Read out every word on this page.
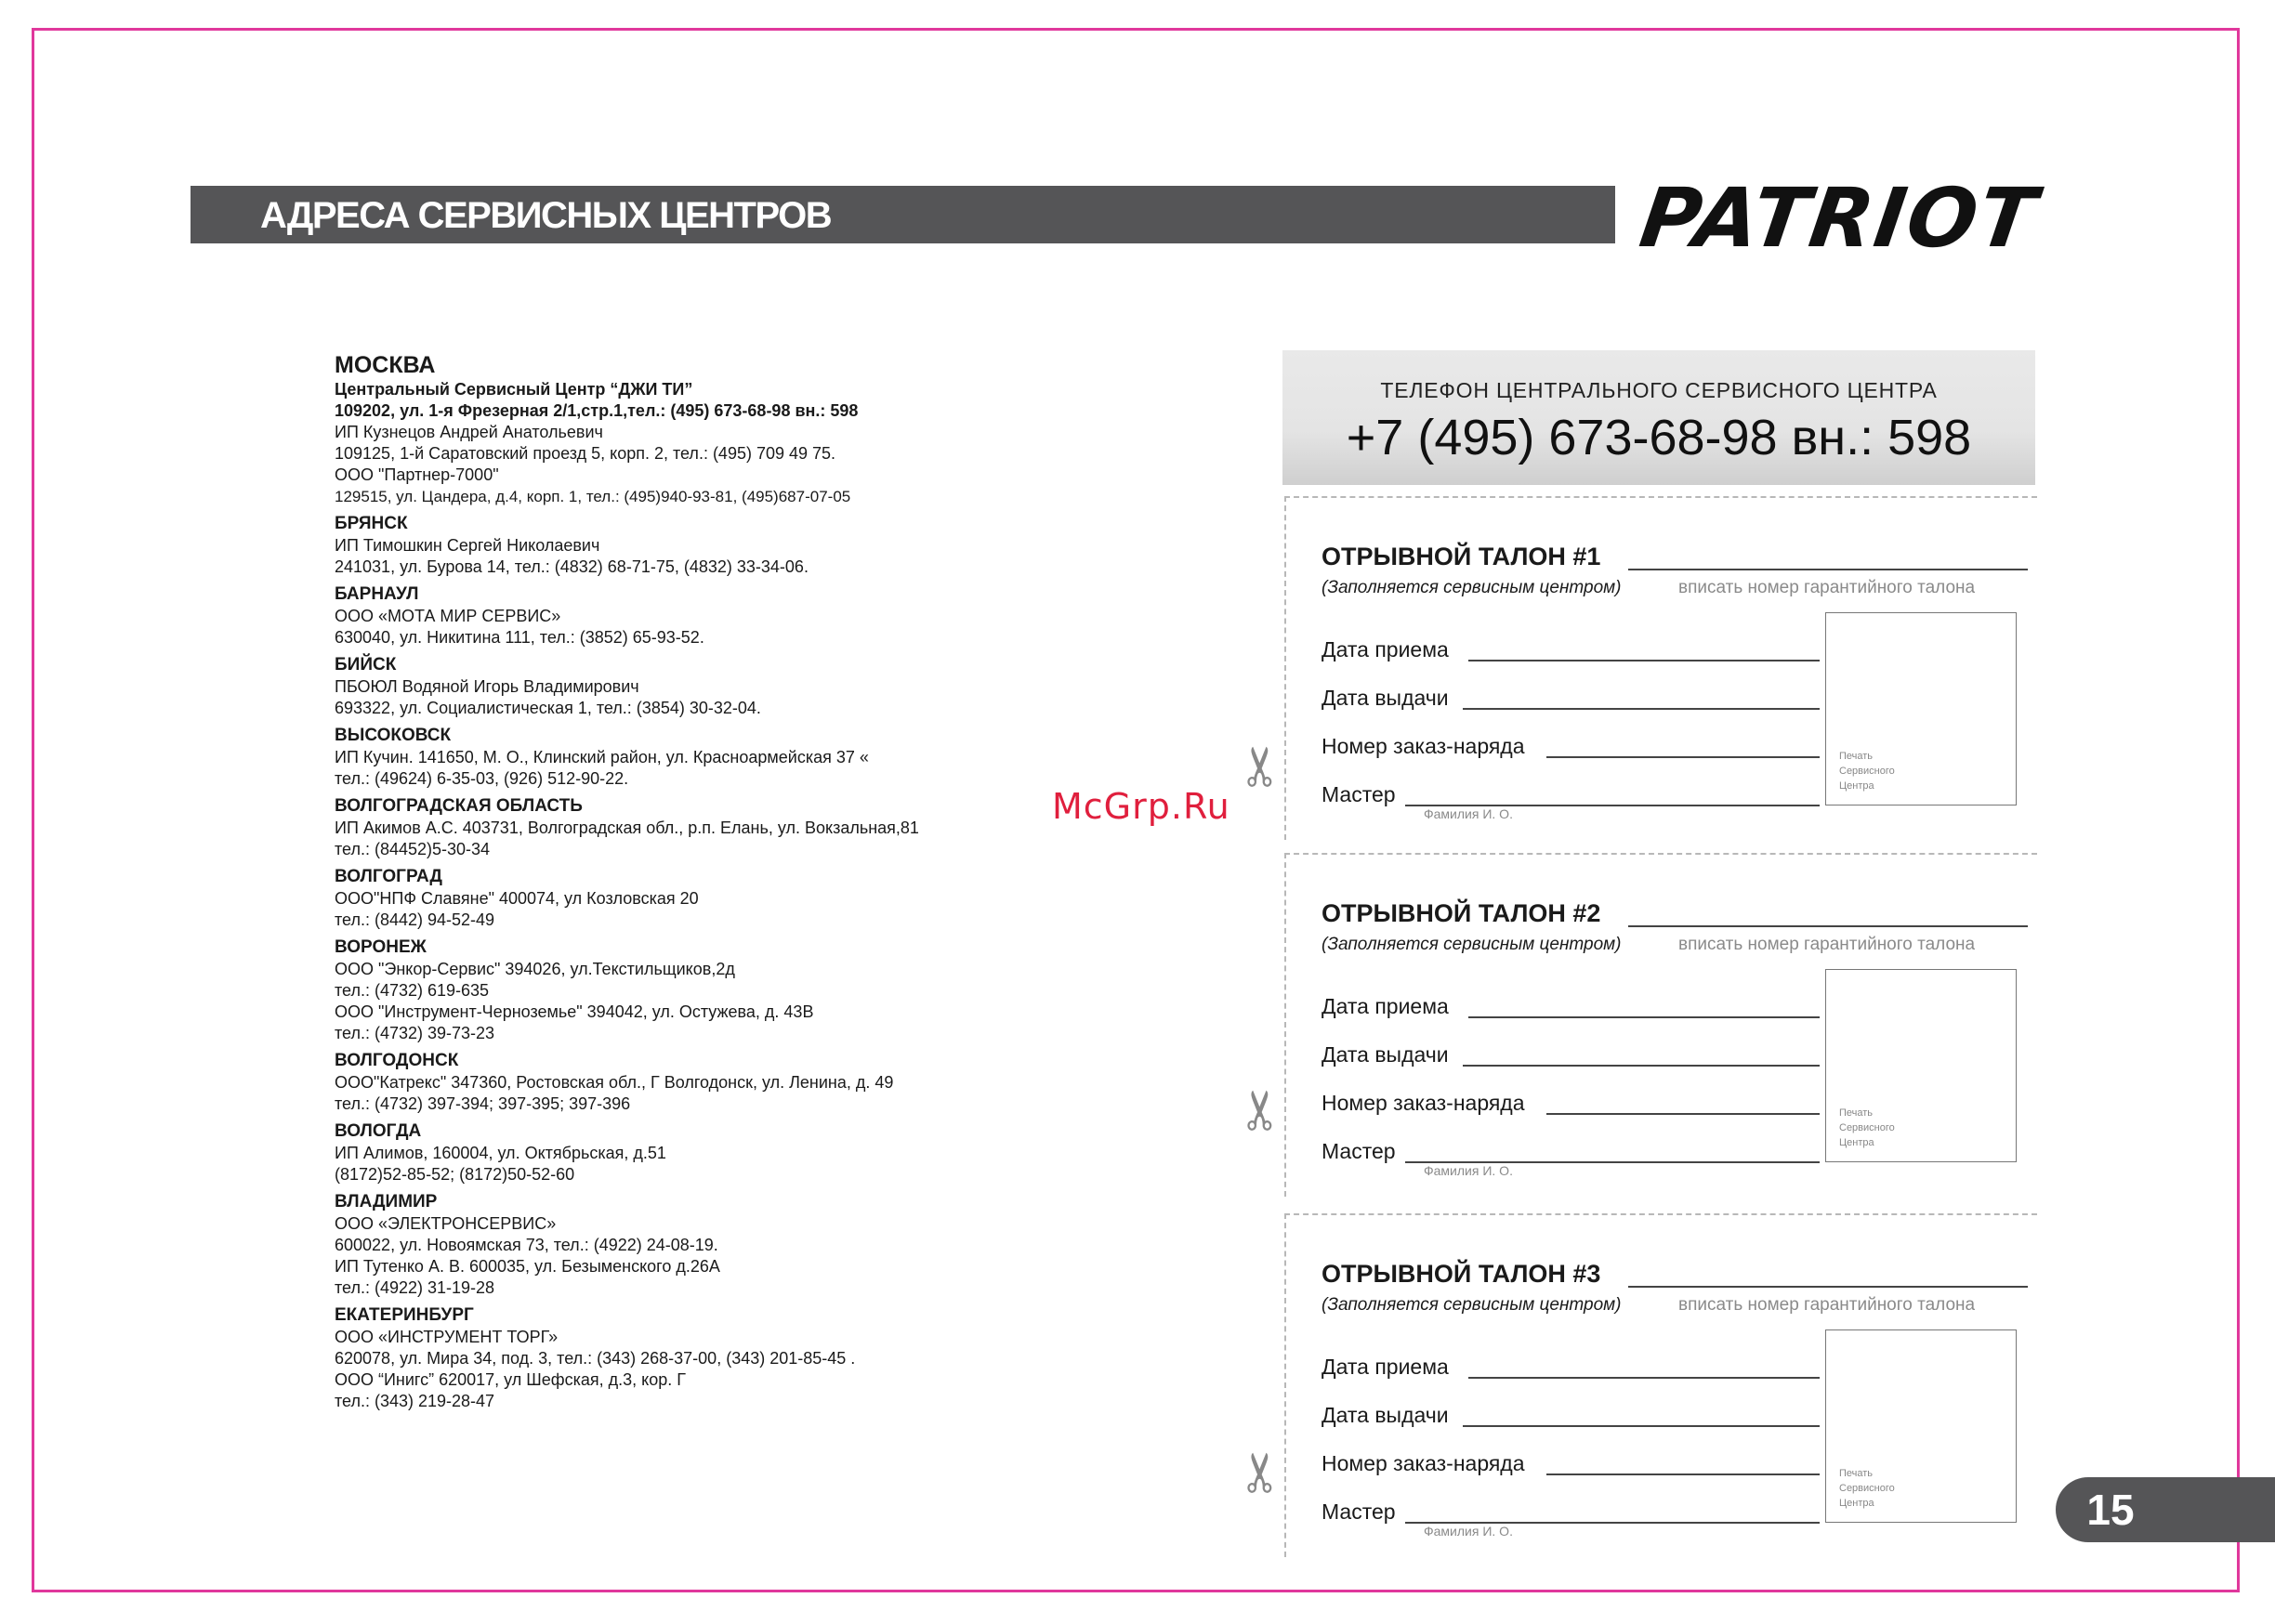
АДРЕСА СЕРВИСНЫХ ЦЕНТРОВ	PATRIOT
МОСКВА
Центральный Сервисный Центр “ДЖИ ТИ”
109202, ул. 1-я Фрезерная 2/1,стр.1,тел.: (495) 673-68-98 вн.: 598
ИП Кузнецов Андрей Анатольевич
109125, 1-й Саратовский проезд 5, корп. 2, тел.: (495) 709 49 75.
ООО "Партнер-7000"
129515, ул. Цандера, д.4, корп. 1, тел.: (495)940-93-81, (495)687-07-05
БРЯНСК
ИП Тимошкин Сергей Николаевич
241031, ул. Бурова 14, тел.: (4832) 68-71-75, (4832) 33-34-06.
БАРНАУЛ
ООО «МОТА МИР СЕРВИС»
630040, ул. Никитина 111, тел.: (3852) 65-93-52.
БИЙСК
ПБОЮЛ Водяной Игорь Владимирович
693322, ул. Социалистическая 1, тел.: (3854) 30-32-04.
ВЫСОКОВСК
ИП Кучин. 141650, М. О., Клинский район, ул. Красноармейская 37 «
тел.: (49624) 6-35-03, (926) 512-90-22.
ВОЛГОГРАДСКАЯ ОБЛАСТЬ
ИП Акимов А.С. 403731, Волгоградская обл., р.п. Елань, ул. Вокзальная,81
тел.: (84452)5-30-34
ВОЛГОГРАД
ООО"НПФ Славяне" 400074, ул Козловская 20
тел.: (8442) 94-52-49
ВОРОНЕЖ
ООО "Энкор-Сервис" 394026, ул.Текстильщиков,2д
тел.: (4732) 619-635
ООО "Инструмент-Черноземье" 394042, ул. Остужева, д. 43В
тел.: (4732) 39-73-23
ВОЛГОДОНСК
ООО"Катрекс" 347360, Ростовская обл., Г Волгодонск, ул. Ленина, д. 49
тел.: (4732) 397-394; 397-395; 397-396
ВОЛОГДА
ИП Алимов, 160004, ул. Октябрьская, д.51
(8172)52-85-52; (8172)50-52-60
ВЛАДИМИР
ООО «ЭЛЕКТРОНСЕРВИС»
600022, ул. Новоямская 73, тел.: (4922) 24-08-19.
ИП Тутенко А. В. 600035, ул. Безыменского д.26А
тел.: (4922) 31-19-28
ЕКАТЕРИНБУРГ
ООО «ИНСТРУМЕНТ ТОРГ»
620078, ул. Мира 34, под. 3, тел.: (343) 268-37-00, (343) 201-85-45 .
ООО “Инигс” 620017, ул Шефская, д.3, кор. Г
тел.: (343) 219-28-47
ТЕЛЕФОН ЦЕНТРАЛЬНОГО СЕРВИСНОГО ЦЕНТРА
+7 (495) 673-68-98 вн.: 598
ОТРЫВНОЙ ТАЛОН #1
(Заполняется сервисным центром)	вписать номер гарантийного талона
Дата приема
Дата выдачи
Номер заказ-наряда
Мастер
Фамилия И. О.
Печать
Сервисного
Центра
✂
ОТРЫВНОЙ ТАЛОН #2
(Заполняется сервисным центром)	вписать номер гарантийного талона
Дата приема
Дата выдачи
Номер заказ-наряда
Мастер
Фамилия И. О.
Печать
Сервисного
Центра
✂
ОТРЫВНОЙ ТАЛОН #3
(Заполняется сервисным центром)	вписать номер гарантийного талона
Дата приема
Дата выдачи
Номер заказ-наряда
Мастер
Фамилия И. О.
Печать
Сервисного
Центра
✂
McGrp.Ru
15
